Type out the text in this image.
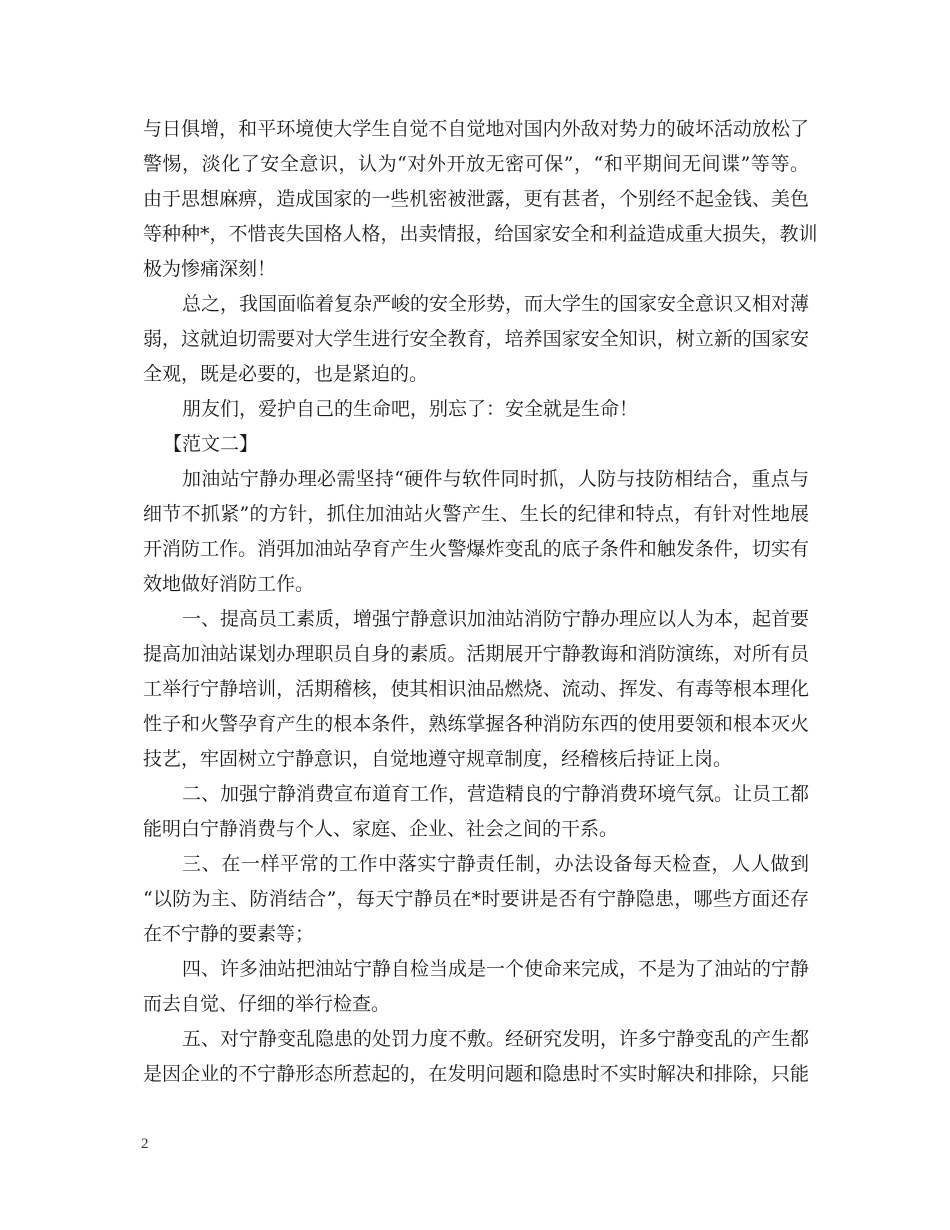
与日俱增，和平环境使大学生自觉不自觉地对国内外敌对势力的破坏活动放松了
警惕，淡化了安全意识，认为“对外开放无密可保”，“和平期间无间谍”等等。
由于思想麻痹，造成国家的一些机密被泄露，更有甚者，个别经不起金钱、美色
等种种*，不惜丧失国格人格，出卖情报，给国家安全和利益造成重大损失，教训
极为惨痛深刻！
总之，我国面临着复杂严峻的安全形势，而大学生的国家安全意识又相对薄
弱，这就迫切需要对大学生进行安全教育，培养国家安全知识，树立新的国家安
全观，既是必要的，也是紧迫的。
朋友们，爱护自己的生命吧，别忘了：安全就是生命！
【范文二】
加油站宁静办理必需坚持“硬件与软件同时抓，人防与技防相结合，重点与
细节不抓紧”的方针，抓住加油站火警产生、生长的纪律和特点，有针对性地展
开消防工作。消弭加油站孕育产生火警爆炸变乱的底子条件和触发条件，切实有
效地做好消防工作。
一、提高员工素质，增强宁静意识加油站消防宁静办理应以人为本，起首要
提高加油站谋划办理职员自身的素质。活期展开宁静教诲和消防演练，对所有员
工举行宁静培训，活期稽核，使其相识油品燃烧、流动、挥发、有毒等根本理化
性子和火警孕育产生的根本条件，熟练掌握各种消防东西的使用要领和根本灭火
技艺，牢固树立宁静意识，自觉地遵守规章制度，经稽核后持证上岗。
二、加强宁静消费宣布道育工作，营造精良的宁静消费环境气氛。让员工都
能明白宁静消费与个人、家庭、企业、社会之间的干系。
三、在一样平常的工作中落实宁静责任制，办法设备每天检查，人人做到
“以防为主、防消结合”，每天宁静员在*时要讲是否有宁静隐患，哪些方面还存
在不宁静的要素等；
四、许多油站把油站宁静自检当成是一个使命来完成，不是为了油站的宁静
而去自觉、仔细的举行检查。
五、对宁静变乱隐患的处罚力度不敷。经研究发明，许多宁静变乱的产生都
是因企业的不宁静形态所惹起的，在发明问题和隐患时不实时解决和排除，只能
2
